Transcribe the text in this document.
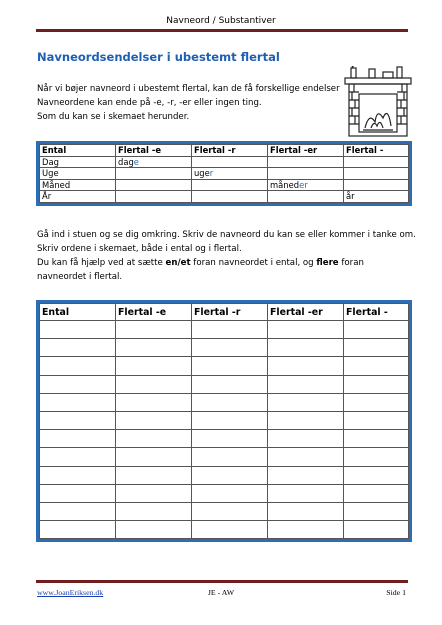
Navneord / Substantiver
Navneordsendelser i ubestemt flertal
Når vi bøjer navneord i ubestemt flertal, kan de få forskellige endelser
Navneordene kan ende på -e, -r, -er eller ingen ting.
Som du kan se i skemaet herunder.
Ental	Flertal -e	Flertal -r	Flertal -er	Flertal -
Dag	dage			
Uge		uger		
Måned			måneder	
År				år
Gå ind i stuen og se dig omkring. Skriv de navneord du kan se eller kommer i tanke om.
Skriv ordene i skemaet, både i ental og i flertal.
Du kan få hjælp ved at sætte en/et foran navneordet i ental, og flere foran
navneordet i flertal.
Ental	Flertal -e	Flertal -r	Flertal -er	Flertal -

www.JoanEriksen.dk	JE - AW	Side 1
